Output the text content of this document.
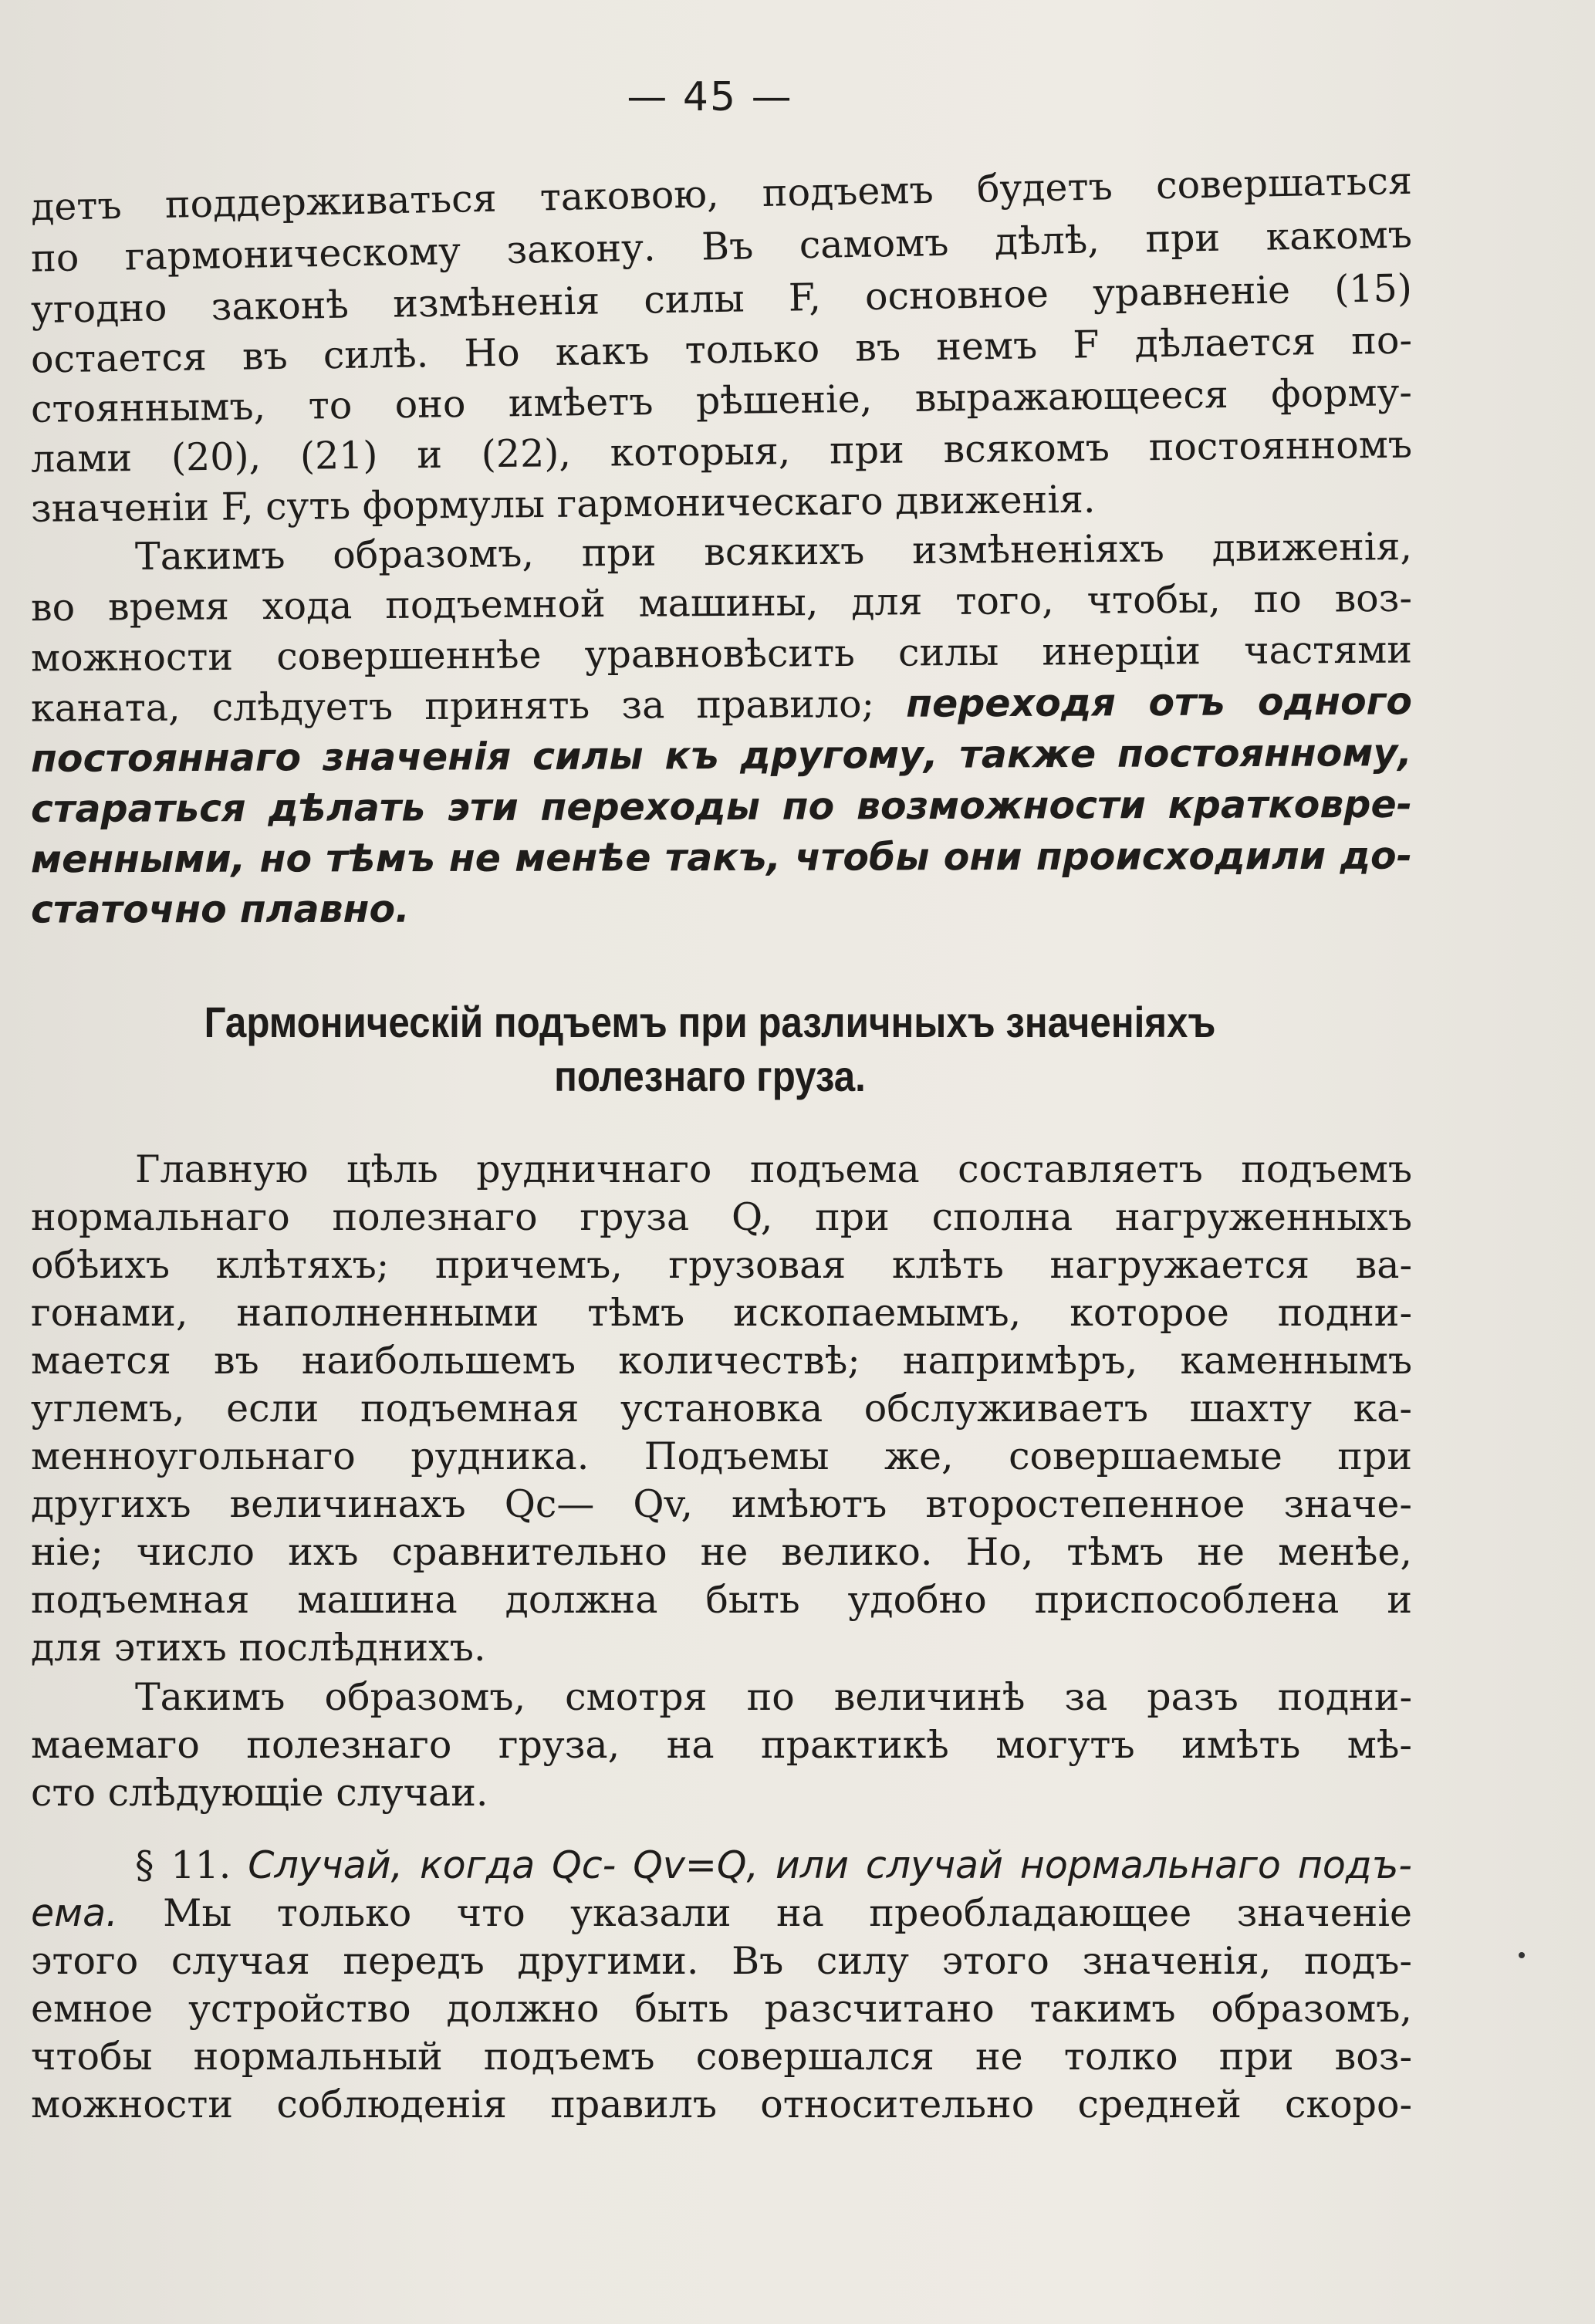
— 45 —
детъ поддерживаться таковою, подъемъ будетъ совершаться
по гармоническому закону. Въ самомъ дѣлѣ, при какомъ
угодно законѣ измѣненія силы F, основное уравненіе (15)
остается въ силѣ. Но какъ только въ немъ F дѣлается по-
стояннымъ, то оно имѣетъ рѣшеніе, выражающееся форму-
лами (20), (21) и (22), которыя, при всякомъ постоянномъ
значеніи F, суть формулы гармоническаго движенія.
Такимъ образомъ, при всякихъ измѣненіяхъ движенія,
во время хода подъемной машины, для того, чтобы, по воз-
можности совершеннѣе уравновѣсить силы инерціи частями
каната, слѣдуетъ принять за правило; переходя отъ одного
постояннаго значенія силы къ другому, также постоянному,
стараться дѣлать эти переходы по возможности кратковре-
менными, но тѣмъ не менѣе такъ, чтобы они происходили до-
статочно плавно.
Гармоническій подъемъ при различныхъ значеніяхъ
полезнаго груза.
Главную цѣль рудничнаго подъема составляетъ подъемъ
нормальнаго полезнаго груза Q, при сполна нагруженныхъ
обѣихъ клѣтяхъ; причемъ, грузовая клѣть нагружается ва-
гонами, наполненными тѣмъ ископаемымъ, которое подни-
мается въ наибольшемъ количествѣ; напримѣръ, каменнымъ
углемъ, если подъемная установка обслуживаетъ шахту ка-
менноугольнаго рудника. Подъемы же, совершаемые при
другихъ величинахъ Qc— Qv, имѣютъ второстепенное значе-
ніе; число ихъ сравнительно не велико. Но, тѣмъ не менѣе,
подъемная машина должна быть удобно приспособлена и
для этихъ послѣднихъ.
Такимъ образомъ, смотря по величинѣ за разъ подни-
маемаго полезнаго груза, на практикѣ могутъ имѣть мѣ-
сто слѣдующіе случаи.
§ 11. Случай, когда Qc- Qv=Q, или случай нормальнаго подъ-
ема. Мы только что указали на преобладающее значеніе
этого случая передъ другими. Въ силу этого значенія, подъ-
емное устройство должно быть разсчитано такимъ образомъ,
чтобы нормальный подъемъ совершался не толко при воз-
можности соблюденія правилъ относительно средней скоро-
